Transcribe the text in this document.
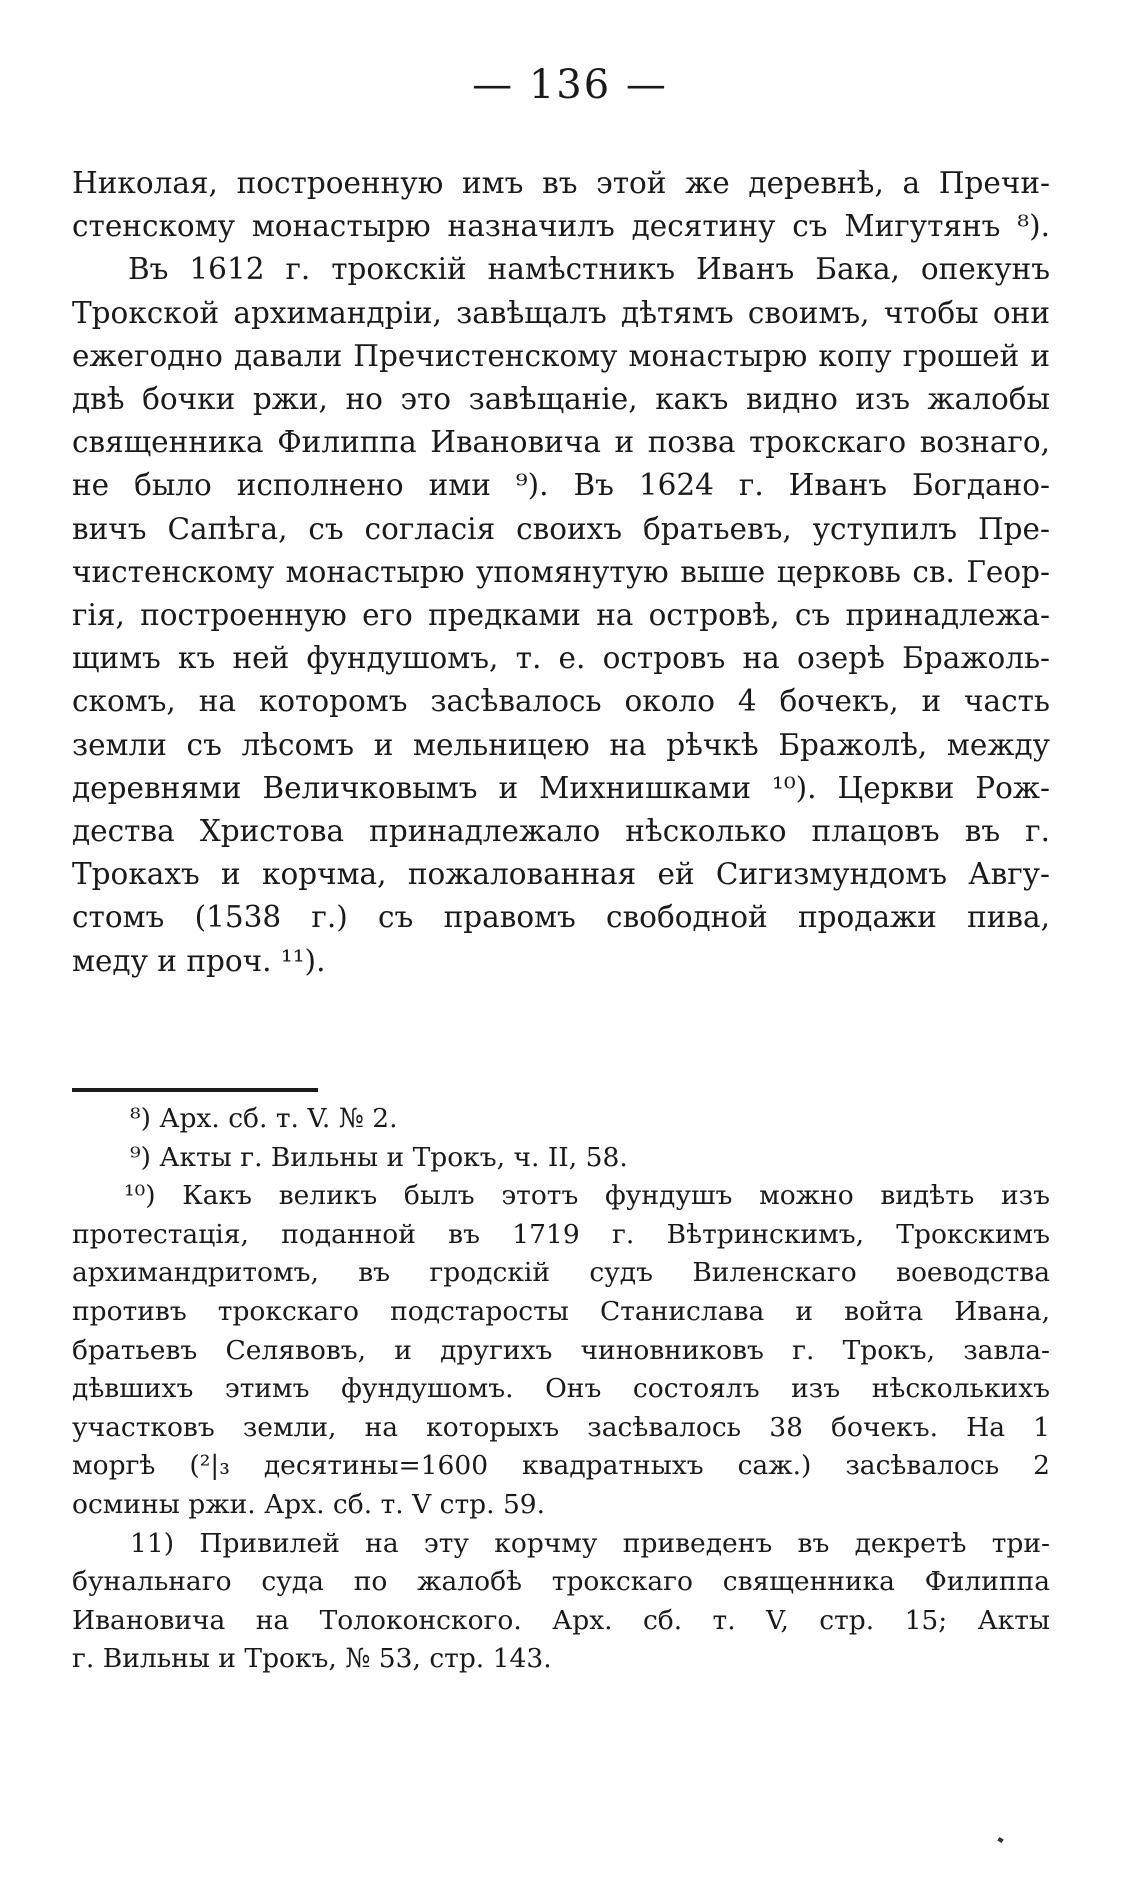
— 136 —
Николая, построенную имъ въ этой же деревнѣ, а Пречи-
стенскому монастырю назначилъ десятину съ Мигутянъ ⁸).
Въ 1612 г. трокскій намѣстникъ Иванъ Бака, опекунъ
Трокской архимандріи, завѣщалъ дѣтямъ своимъ, чтобы они
ежегодно давали Пречистенскому монастырю копу грошей и
двѣ бочки ржи, но это завѣщаніе, какъ видно изъ жалобы
священника Филиппа Ивановича и позва трокскаго вознаго,
не было исполнено ими ⁹). Въ 1624 г. Иванъ Богдано-
вичъ Сапѣга, съ согласія своихъ братьевъ, уступилъ Пре-
чистенскому монастырю упомянутую выше церковь св. Геор-
гія, построенную его предками на островѣ, съ принадлежа-
щимъ къ ней фундушомъ, т. е. островъ на озерѣ Бражоль-
скомъ, на которомъ засѣвалось около 4 бочекъ, и часть
земли съ лѣсомъ и мельницею на рѣчкѣ Бражолѣ, между
деревнями Величковымъ и Михнишками ¹⁰). Церкви Рож-
дества Христова принадлежало нѣсколько плацовъ въ г.
Трокахъ и корчма, пожалованная ей Сигизмундомъ Авгу-
стомъ (1538 г.) съ правомъ свободной продажи пива,
меду и проч. ¹¹).
⁸) Арх. сб. т. V. № 2.
⁹) Акты г. Вильны и Трокъ, ч. II, 58.
¹⁰) Какъ великъ былъ этотъ фундушъ можно видѣть изъ
протестація, поданной въ 1719 г. Вѣтринскимъ, Трокскимъ
архимандритомъ, въ гродскій судъ Виленскаго воеводства
противъ трокскаго подстаросты Станислава и войта Ивана,
братьевъ Селявовъ, и другихъ чиновниковъ г. Трокъ, завла-
дѣвшихъ этимъ фундушомъ. Онъ состоялъ изъ нѣсколькихъ
участковъ земли, на которыхъ засѣвалось 38 бочекъ. На 1
моргѣ (²|₃ десятины=1600 квадратныхъ саж.) засѣвалось 2
осмины ржи. Арх. сб. т. V стр. 59.
11) Привилей на эту корчму приведенъ въ декретѣ три-
бунальнаго суда по жалобѣ трокскаго священника Филиппа
Ивановича на Толоконского. Арх. сб. т. V, стр. 15; Акты
г. Вильны и Трокъ, № 53, стр. 143.
